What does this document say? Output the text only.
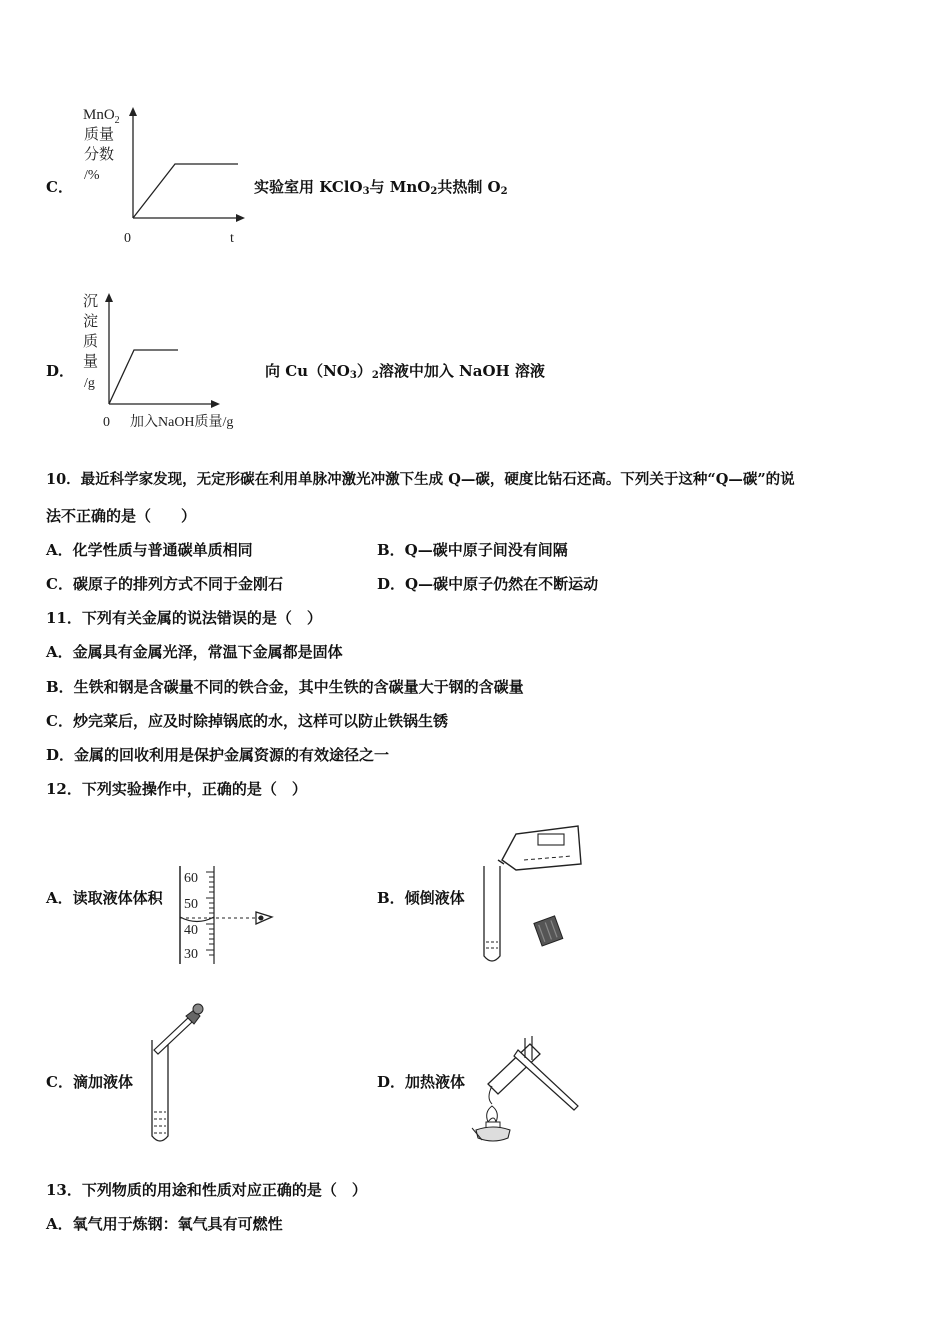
C．
MnO$_2$
质量
分数
/%
0	t
实验室用 KClO$_3$与 MnO$_2$共热制 $O_2$
D．
沉
淀
质
量
/g
0 加入NaOH质量/g
向 $Cu(NO_3)_2$溶液中加入 NaOH 溶液
10．最近科学家发现，无定形碳在利用单脉冲激光冲激下生成 Q—碳，硬度比钻石还高。下列关于这种“Q—碳”的说
法不正确的是（　　）
A．化学性质与普通碳单质相同	B．Q—碳中原子间没有间隔
C．碳原子的排列方式不同于金刚石	D．Q—碳中原子仍然在不断运动
11．下列有关金属的说法错误的是（　）
A．金属具有金属光泽，常温下金属都是固体
B．生铁和钢是含碳量不同的铁合金，其中生铁的含碳量大于钢的含碳量
C．炒完菜后，应及时除掉锅底的水，这样可以防止铁锅生锈
D．金属的回收利用是保护金属资源的有效途径之一
12．下列实验操作中，正确的是（　）
A．读取液体体积
60
50
40
30
B．倾倒液体
C．滴加液体	D．加热液体
13．下列物质的用途和性质对应正确的是（　）
A．氧气用于炼钢：氧气具有可燃性
